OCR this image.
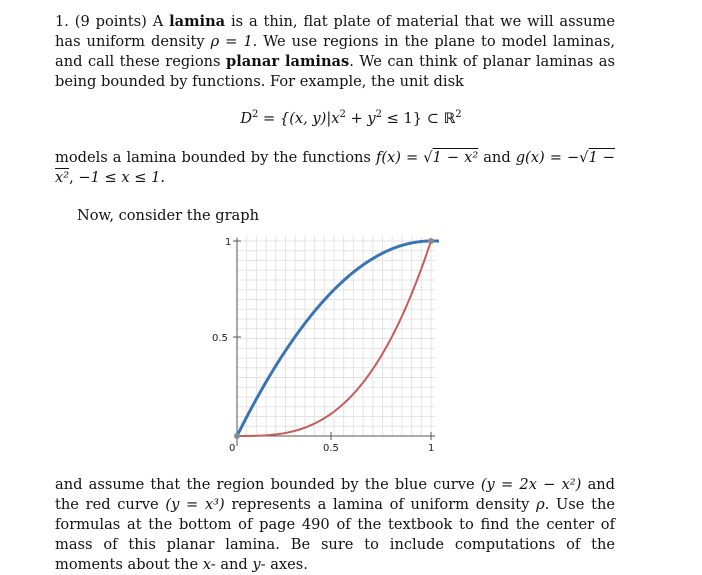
1. (9 points) A lamina is a thin, flat plate of material that we will assume has uniform density ρ = 1. We use regions in the plane to model laminas, and call these regions planar laminas. We can think of planar laminas as being bounded by functions. For example, the unit disk
$D^2 = \{(x$, $y)|x^2 + y^2 \le 1$} ⊂ ℝ$^2$
models a lamina bounded by the functions f(x) = √1 − x² and g(x) = −√1 − x², −1 ≤ x ≤ 1.
Now, consider the graph
0	0.5	1
0.5
1
and assume that the region bounded by the blue curve (y = 2x − x²) and the red curve (y = x³) represents a lamina of uniform density ρ. Use the formulas at the bottom of page 490 of the textbook to find the center of mass of this planar lamina. Be sure to include computations of the moments about the x- and y- axes.
